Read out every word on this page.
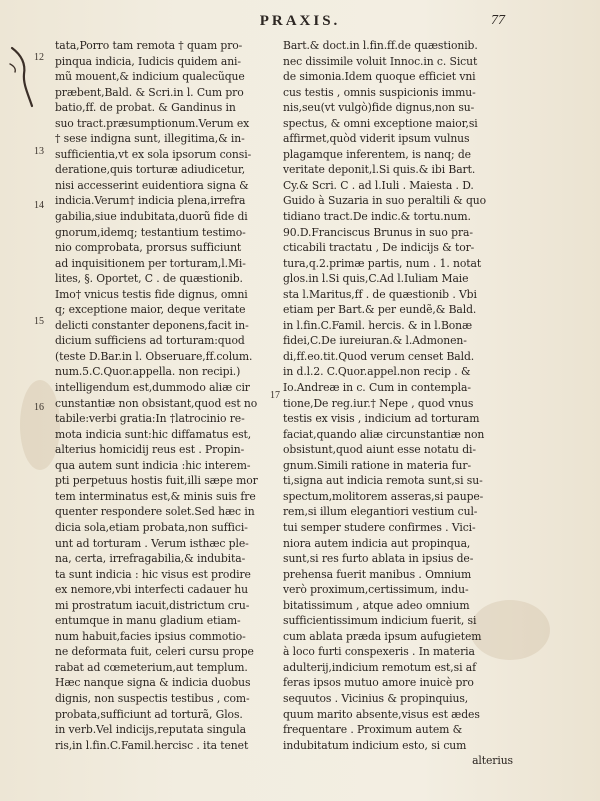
PRAXIS.	77
12
13
14
15
16
17
tata,Porro tam remota † quam pro-
pinqua indicia, Iudicis quidem ani-
mũ mouent,& indicium qualecũque
præbent,Bald. & Scri.in l. Cum pro
batio,ff. de probat. & Gandinus in
suo tract.præsumptionum.Verum ex
† sese indigna sunt, illegitima,& in-
sufficientia,vt ex sola ipsorum consi-
deratione,quis torturæ adiudicetur,
nisi accesserint euidentiora signa &
indicia.Verum† indicia plena,irrefra
gabilia,siue indubitata,duorũ fide di
gnorum,idemq; testantium testimo-
nio comprobata, prorsus sufficiunt
ad inquisitionem per torturam,l.Mi-
lites, §. Oportet, C . de quæstionib.
Imo† vnicus testis fide dignus, omni
q; exceptione maior, deque veritate
delicti constanter deponens,facit in-
dicium sufficiens ad torturam:quod
(teste D.Bar.in l. Obseruare,ff.colum.
num.5.C.Quor.appella. non recipi.)
intelligendum est,dummodo aliæ cir
cunstantiæ non obsistant,quod est no
tabile:verbi gratia:In †latrocinio re-
mota indicia sunt:hic diffamatus est,
alterius homicidij reus est . Propin-
qua autem sunt indicia :hic interem-
pti perpetuus hostis fuit,illi sæpe mor
tem interminatus est,& minis suis fre
quenter respondere solet.Sed hæc in
dicia sola,etiam probata,non suffici-
unt ad torturam . Verum isthæc ple-
na, certa, irrefragabilia,& indubita-
ta sunt indicia : hic visus est prodire
ex nemore,vbi interfecti cadauer hu
mi prostratum iacuit,districtum cru-
entumque in manu gladium etiam-
num habuit,facies ipsius commotio-
ne deformata fuit, celeri cursu prope
rabat ad cœmeterium,aut templum.
Hæc nanque signa & indicia duobus
dignis, non suspectis testibus , com-
probata,sufficiunt ad torturã, Glos.
in verb.Vel indicijs,reputata singula
ris,in l.fin.C.Famil.hercisc . ita tenet
Bart.& doct.in l.fin.ff.de quæstionib.
nec dissimile voluit Innoc.in c. Sicut
de simonia.Idem quoque efficiet vni
cus testis , omnis suspicionis immu-
nis,seu(vt vulgò)fide dignus,non su-
spectus, & omni exceptione maior,si
affirmet,quòd viderit ipsum vulnus
plagamque inferentem, is nanq; de
veritate deponit,l.Si quis.& ibi Bart.
Cy.& Scri. C . ad l.Iuli . Maiesta . D.
Guido à Suzaria in suo peraltili & quo
tidiano tract.De indic.& tortu.num.
90.D.Franciscus Brunus in suo pra-
cticabili tractatu , De indicijs & tor-
tura,q.2.primæ partis, num . 1. notat
glos.in l.Si quis,C.Ad l.Iuliam Maie
sta l.Maritus,ff . de quæstionib . Vbi
etiam per Bart.& per eundẽ,& Bald.
in l.fin.C.Famil. hercis. & in l.Bonæ
fidei,C.De iureiuran.& l.Admonen-
di,ff.eo.tit.Quod verum censet Bald.
in d.l.2. C.Quor.appel.non recip . &
Io.Andreæ in c. Cum in contempla-
tione,De reg.iur.† Nepe , quod vnus
testis ex visis , indicium ad torturam
faciat,quando aliæ circunstantiæ non
obsistunt,quod aiunt esse notatu di-
gnum.Simili ratione in materia fur-
ti,signa aut indicia remota sunt,si su-
spectum,molitorem asseras,si paupe-
rem,si illum elegantiori vestium cul-
tui semper studere confirmes . Vici-
niora autem indicia aut propinqua,
sunt,si res furto ablata in ipsius de-
prehensa fuerit manibus . Omnium
verò proximum,certissimum, indu-
bitatissimum , atque adeo omnium
sufficientissimum indicium fuerit, si
cum ablata præda ipsum aufugietem
à loco furti conspexeris . In materia
adulterij,indicium remotum est,si af
feras ipsos mutuo amore inuicè pro
sequutos . Vicinius & propinquius,
quum marito absente,visus est ædes
frequentare . Proximum autem &
indubitatum indicium esto, si cum
alterius
